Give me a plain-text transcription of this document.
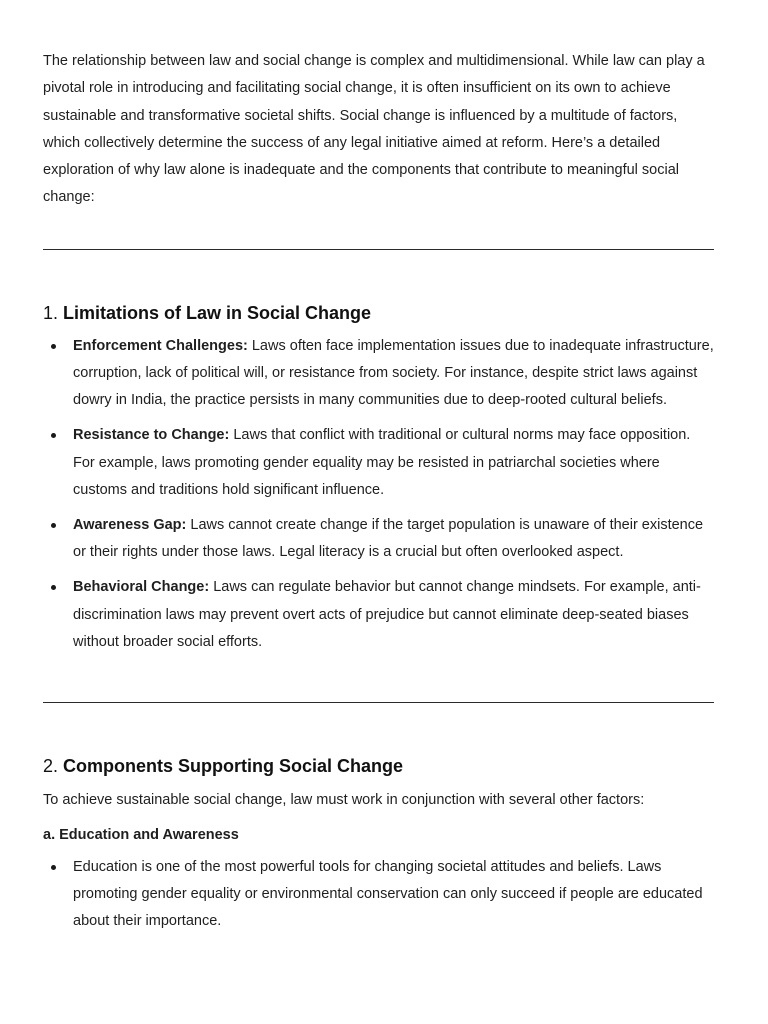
The relationship between law and social change is complex and multidimensional. While law can play a pivotal role in introducing and facilitating social change, it is often insufficient on its own to achieve sustainable and transformative societal shifts. Social change is influenced by a multitude of factors, which collectively determine the success of any legal initiative aimed at reform. Here’s a detailed exploration of why law alone is inadequate and the components that contribute to meaningful social change:

1. Limitations of Law in Social Change
Enforcement Challenges: Laws often face implementation issues due to inadequate infrastructure, corruption, lack of political will, or resistance from society. For instance, despite strict laws against dowry in India, the practice persists in many communities due to deep-rooted cultural beliefs.
Resistance to Change: Laws that conflict with traditional or cultural norms may face opposition. For example, laws promoting gender equality may be resisted in patriarchal societies where customs and traditions hold significant influence.
Awareness Gap: Laws cannot create change if the target population is unaware of their existence or their rights under those laws. Legal literacy is a crucial but often overlooked aspect.
Behavioral Change: Laws can regulate behavior but cannot change mindsets. For example, anti-discrimination laws may prevent overt acts of prejudice but cannot eliminate deep-seated biases without broader social efforts.
2. Components Supporting Social Change

To achieve sustainable social change, law must work in conjunction with several other factors:

a. Education and Awareness
Education is one of the most powerful tools for changing societal attitudes and beliefs. Laws promoting gender equality or environmental conservation can only succeed if people are educated about their importance.
